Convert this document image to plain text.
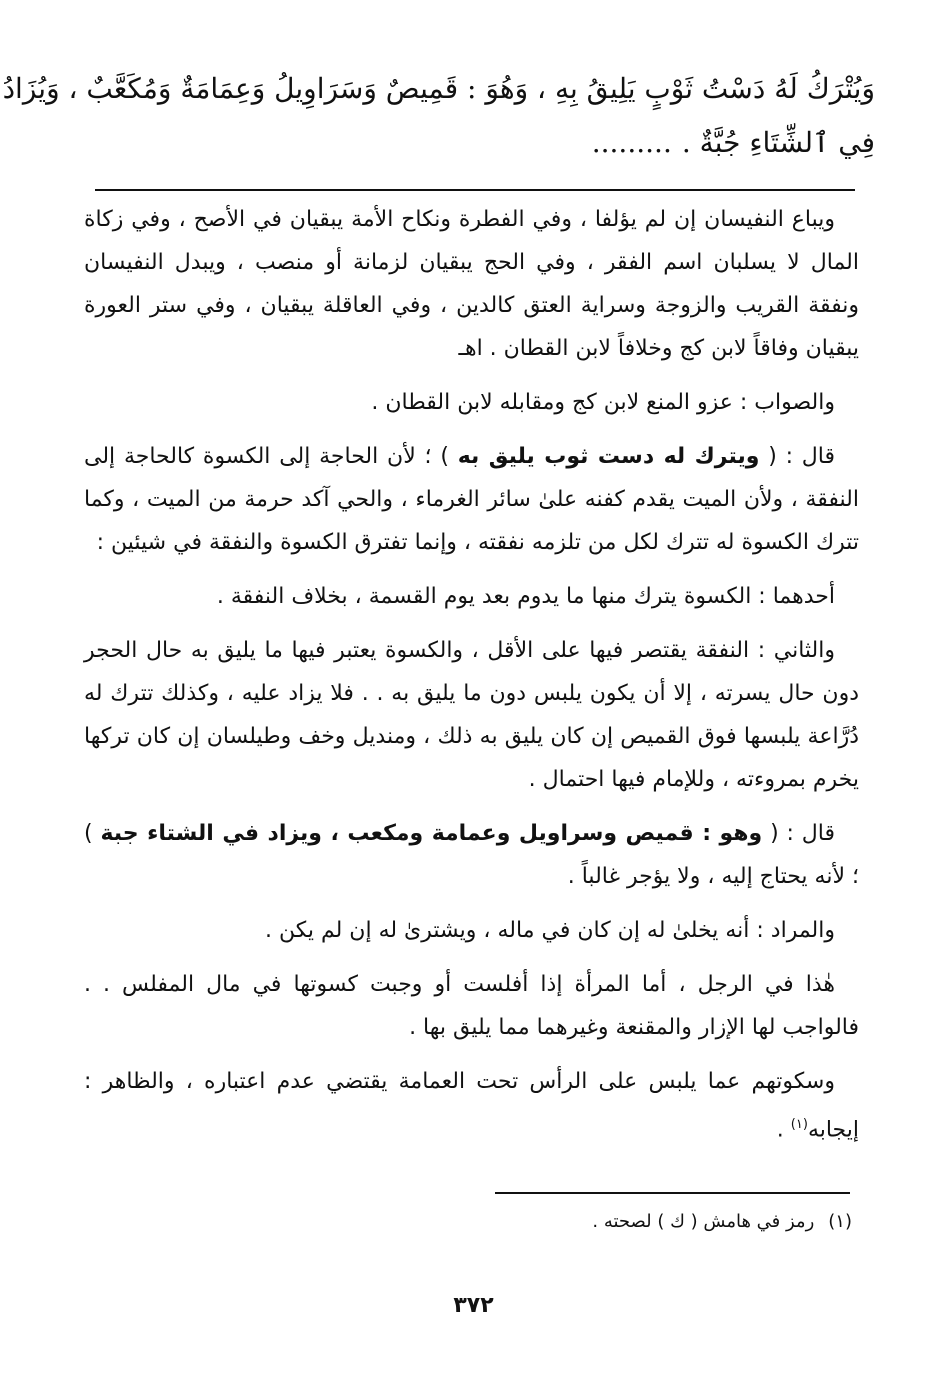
وَيُتْرَكُ لَهُ دَسْتُ ثَوْبٍ يَلِيقُ بِهِ ، وَهُوَ : قَمِيصٌ وَسَرَاوِيلُ وَعِمَامَةٌ وَمُكَعَّبٌ ، وَيُزَادُ
فِي ٱلشِّتَاءِ جُبَّةٌ ..........

ويباع النفيسان إن لم يؤلفا ، وفي الفطرة ونكاح الأمة يبقيان في الأصح ، وفي زكاة المال لا يسلبان اسم الفقر ، وفي الحج يبقيان لزمانة أو منصب ، ويبدل النفيسان ونفقة القريب والزوجة وسراية العتق كالدين ، وفي العاقلة يبقيان ، وفي ستر العورة يبقيان وفاقاً لابن كج وخلافاً لابن القطان . اهـ

والصواب : عزو المنع لابن كج ومقابله لابن القطان .

قال : ( ويترك له دست ثوب يليق به ) ؛ لأن الحاجة إلى الكسوة كالحاجة إلى النفقة ، ولأن الميت يقدم كفنه علىٰ سائر الغرماء ، والحي آكد حرمة من الميت ، وكما تترك الكسوة له تترك لكل من تلزمه نفقته ، وإنما تفترق الكسوة والنفقة في شيئين :

أحدهما : الكسوة يترك منها ما يدوم بعد يوم القسمة ، بخلاف النفقة .

والثاني : النفقة يقتصر فيها على الأقل ، والكسوة يعتبر فيها ما يليق به حال الحجر دون حال يسرته ، إلا أن يكون يلبس دون ما يليق به . . فلا يزاد عليه ، وكذلك تترك له دُرَّاعة يلبسها فوق القميص إن كان يليق به ذلك ، ومنديل وخف وطيلسان إن كان تركها يخرم بمروءته ، وللإمام فيها احتمال .

قال : ( وهو : قميص وسراويل وعمامة ومكعب ، ويزاد في الشتاء جبة ) ؛ لأنه يحتاج إليه ، ولا يؤجر غالباً .

والمراد : أنه يخلىٰ له إن كان في ماله ، ويشترىٰ له إن لم يكن .

هٰذا في الرجل ، أما المرأة إذا أفلست أو وجبت كسوتها في مال المفلس . . فالواجب لها الإزار والمقنعة وغيرهما مما يليق بها .

وسكوتهم عما يلبس على الرأس تحت العمامة يقتضي عدم اعتباره ، والظاهر : إيجابه$^{(١)}$ .

(١)رمز في هامش ( ك ) لصحته .
٣٧٢
